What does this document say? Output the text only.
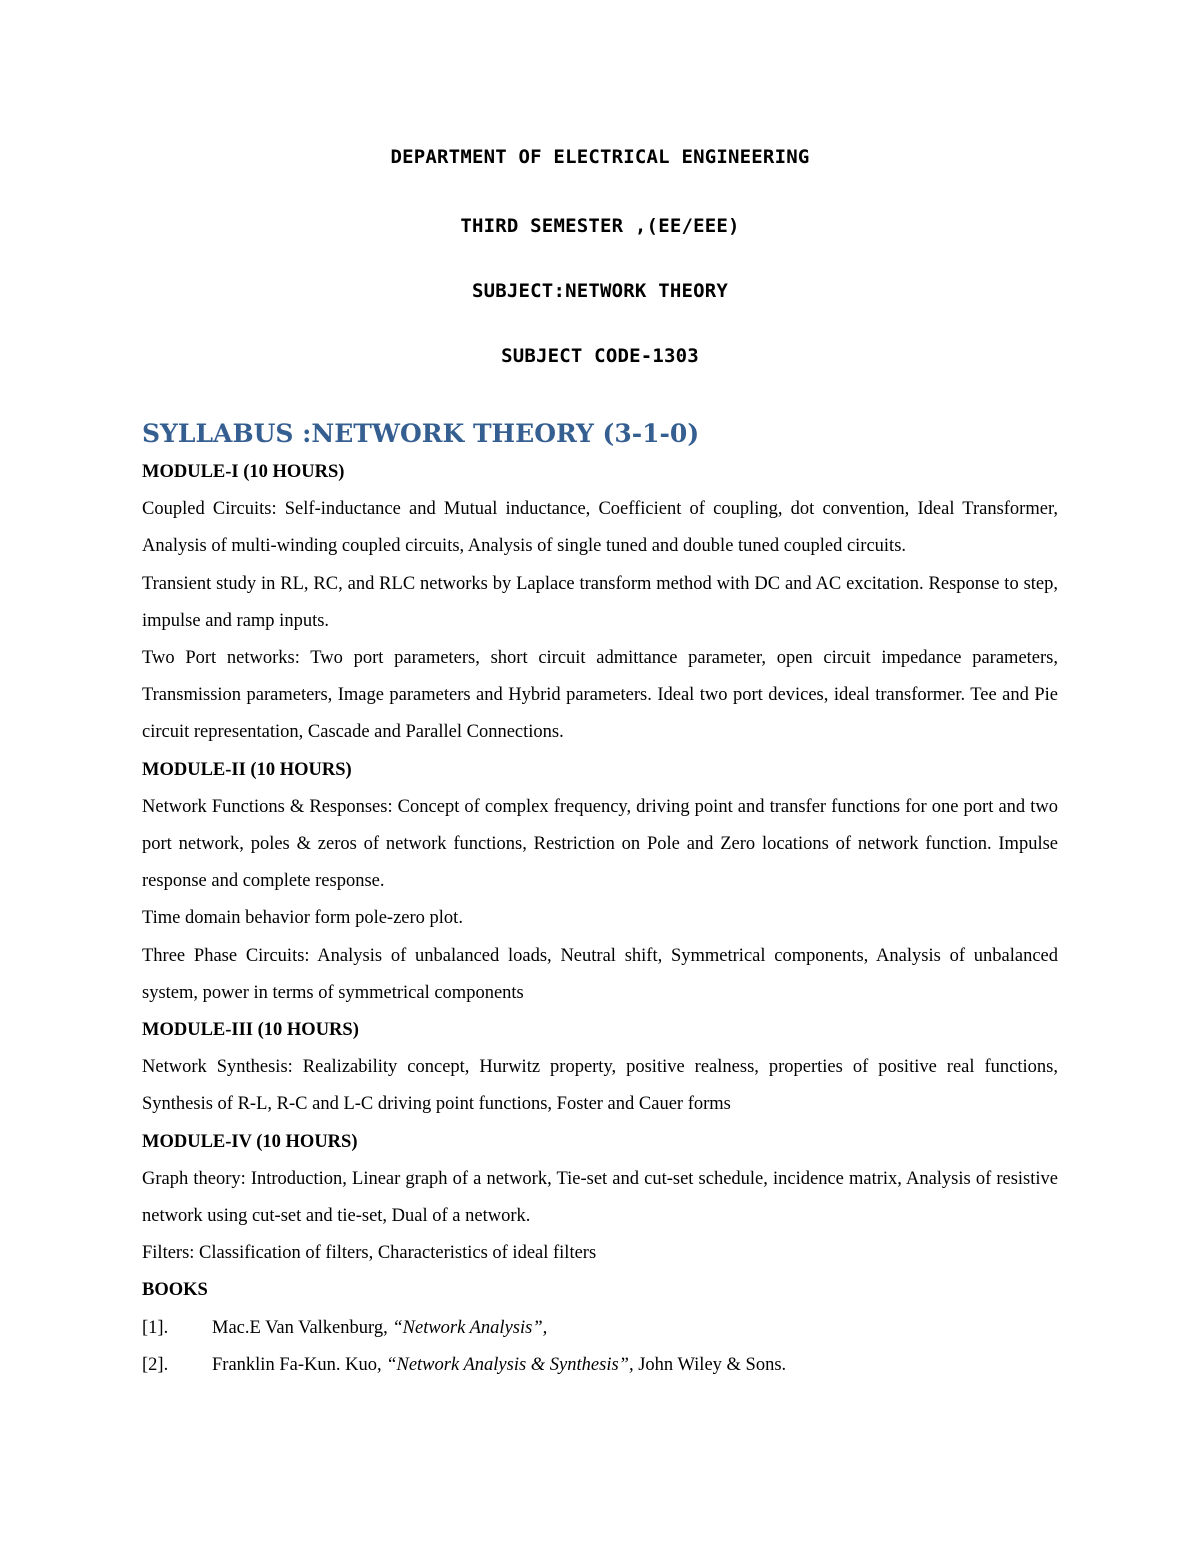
DEPARTMENT OF ELECTRICAL ENGINEERING
THIRD SEMESTER ,(EE/EEE)
SUBJECT:NETWORK THEORY
SUBJECT CODE-1303
SYLLABUS :NETWORK THEORY (3-1-0)

MODULE-I (10 HOURS)

Coupled Circuits: Self-inductance and Mutual inductance, Coefficient of coupling, dot convention, Ideal Transformer, Analysis of multi-winding coupled circuits, Analysis of single tuned and double tuned coupled circuits.

Transient study in RL, RC, and RLC networks by Laplace transform method with DC and AC excitation. Response to step, impulse and ramp inputs.

Two Port networks: Two port parameters, short circuit admittance parameter, open circuit impedance parameters, Transmission parameters, Image parameters and Hybrid parameters. Ideal two port devices, ideal transformer. Tee and Pie circuit representation, Cascade and Parallel Connections.

MODULE-II (10 HOURS)

Network Functions & Responses: Concept of complex frequency, driving point and transfer functions for one port and two port network, poles & zeros of network functions, Restriction on Pole and Zero locations of network function. Impulse response and complete response.

Time domain behavior form pole-zero plot.

Three Phase Circuits: Analysis of unbalanced loads, Neutral shift, Symmetrical components, Analysis of unbalanced system, power in terms of symmetrical components

MODULE-III (10 HOURS)

Network Synthesis: Realizability concept, Hurwitz property, positive realness, properties of positive real functions, Synthesis of R-L, R-C and L-C driving point functions, Foster and Cauer forms

MODULE-IV (10 HOURS)

Graph theory: Introduction, Linear graph of a network, Tie-set and cut-set schedule, incidence matrix, Analysis of resistive network using cut-set and tie-set, Dual of a network.

Filters: Classification of filters, Characteristics of ideal filters

BOOKS

[1].	Mac.E Van Valkenburg, “Network Analysis”,
[2].	Franklin Fa-Kun. Kuo, “Network Analysis & Synthesis”, John Wiley & Sons.
